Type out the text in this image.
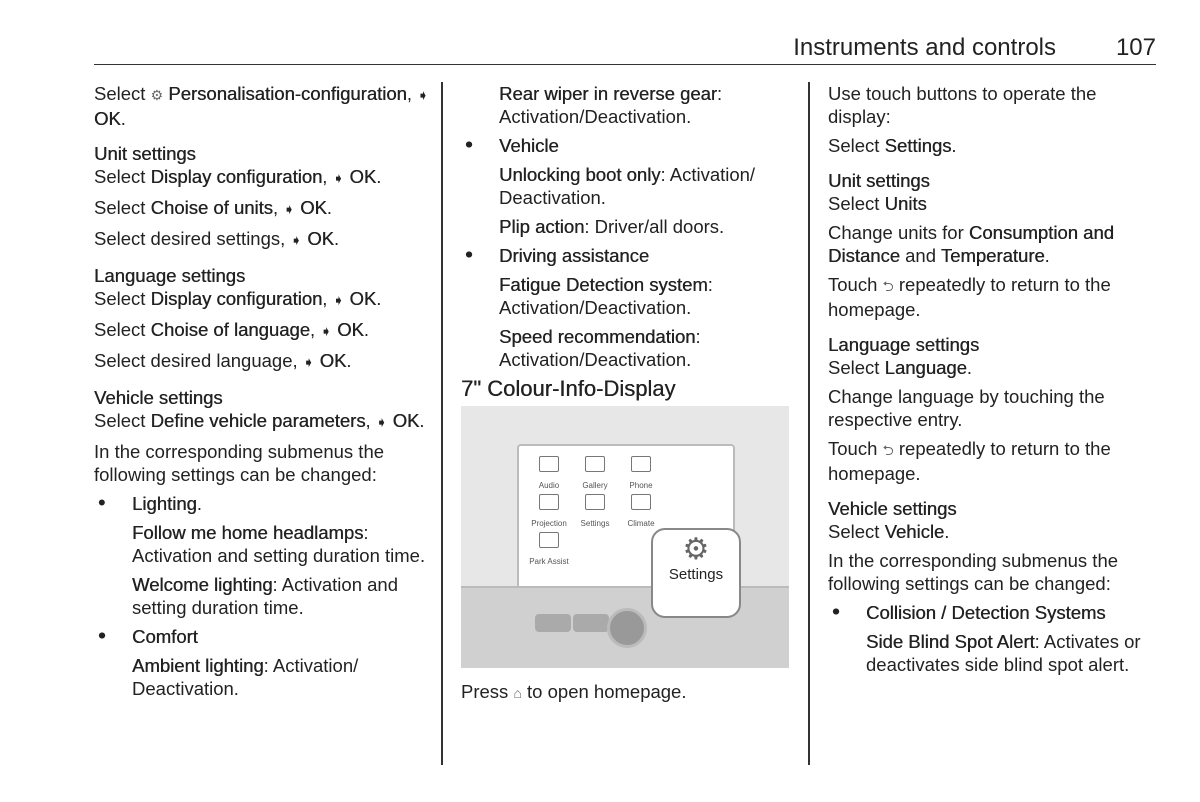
Instruments and controls 107

Select ⚙ Personalisation-configuration, ➧ OK.

Unit settings

Select Display configuration, ➧ OK.

Select Choise of units, ➧ OK.

Select desired settings, ➧ OK.

Language settings

Select Display configuration, ➧ OK.

Select Choise of language, ➧ OK.

Select desired language, ➧ OK.

Vehicle settings

Select Define vehicle parameters, ➧ OK.

In the corresponding submenus the following settings can be changed:

• Lighting.

Follow me home headlamps: Activation and setting duration time.

Welcome lighting: Activation and setting duration time.

• Comfort

Ambient lighting: Activation/ Deactivation.

Rear wiper in reverse gear: Activation/Deactivation.

• Vehicle

Unlocking boot only: Activation/ Deactivation.

Plip action: Driver/all doors.

• Driving assistance

Fatigue Detection system: Activation/Deactivation.

Speed recommendation: Activation/Deactivation.

7" Colour-Info-Display

Audio	Gallery	Phone
Projection	Settings	Climate
Park Assist	⚙
Settings

Press ⌂ to open homepage.

Use touch buttons to operate the display:

Select Settings.

Unit settings

Select Units

Change units for Consumption and Distance and Temperature.

Touch ⮌ repeatedly to return to the homepage.

Language settings

Select Language.

Change language by touching the respective entry.

Touch ⮌ repeatedly to return to the homepage.

Vehicle settings

Select Vehicle.

In the corresponding submenus the following settings can be changed:

• Collision / Detection Systems

Side Blind Spot Alert: Activates or deactivates side blind spot alert.
